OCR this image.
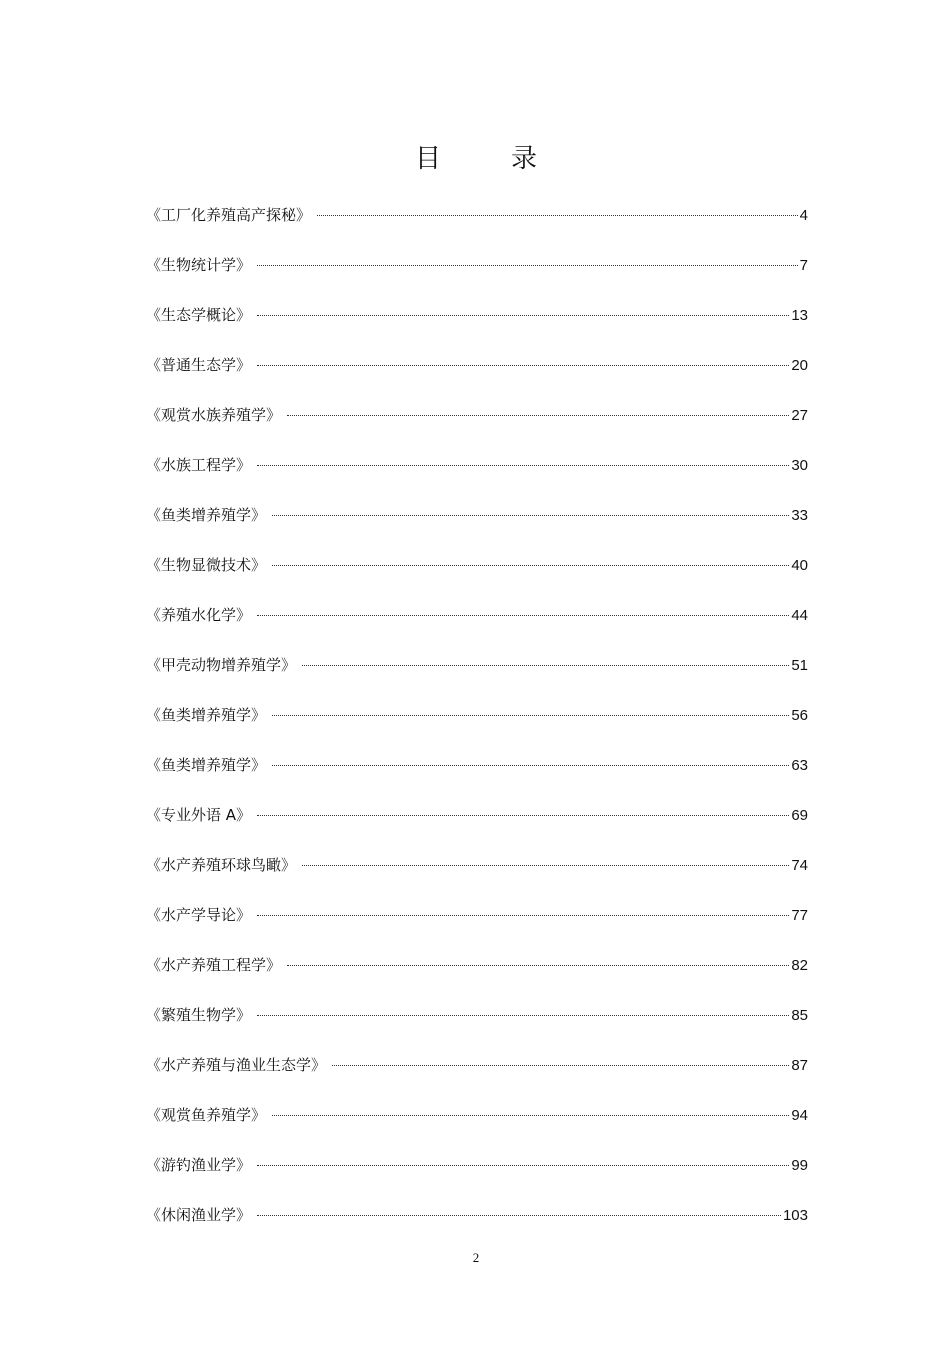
目　录
《工厂化养殖高产探秘》	4
《生物统计学》	7
《生态学概论》	13
《普通生态学》	20
《观赏水族养殖学》	27
《水族工程学》	30
《鱼类增养殖学》	33
《生物显微技术》	40
《养殖水化学》	44
《甲壳动物增养殖学》	51
《鱼类增养殖学》	56
《鱼类增养殖学》	63
《专业外语 A》	69
《水产养殖环球鸟瞰》	74
《水产学导论》	77
《水产养殖工程学》	82
《繁殖生物学》	85
《水产养殖与渔业生态学》	87
《观赏鱼养殖学》	94
《游钓渔业学》	99
《休闲渔业学》	103
2
